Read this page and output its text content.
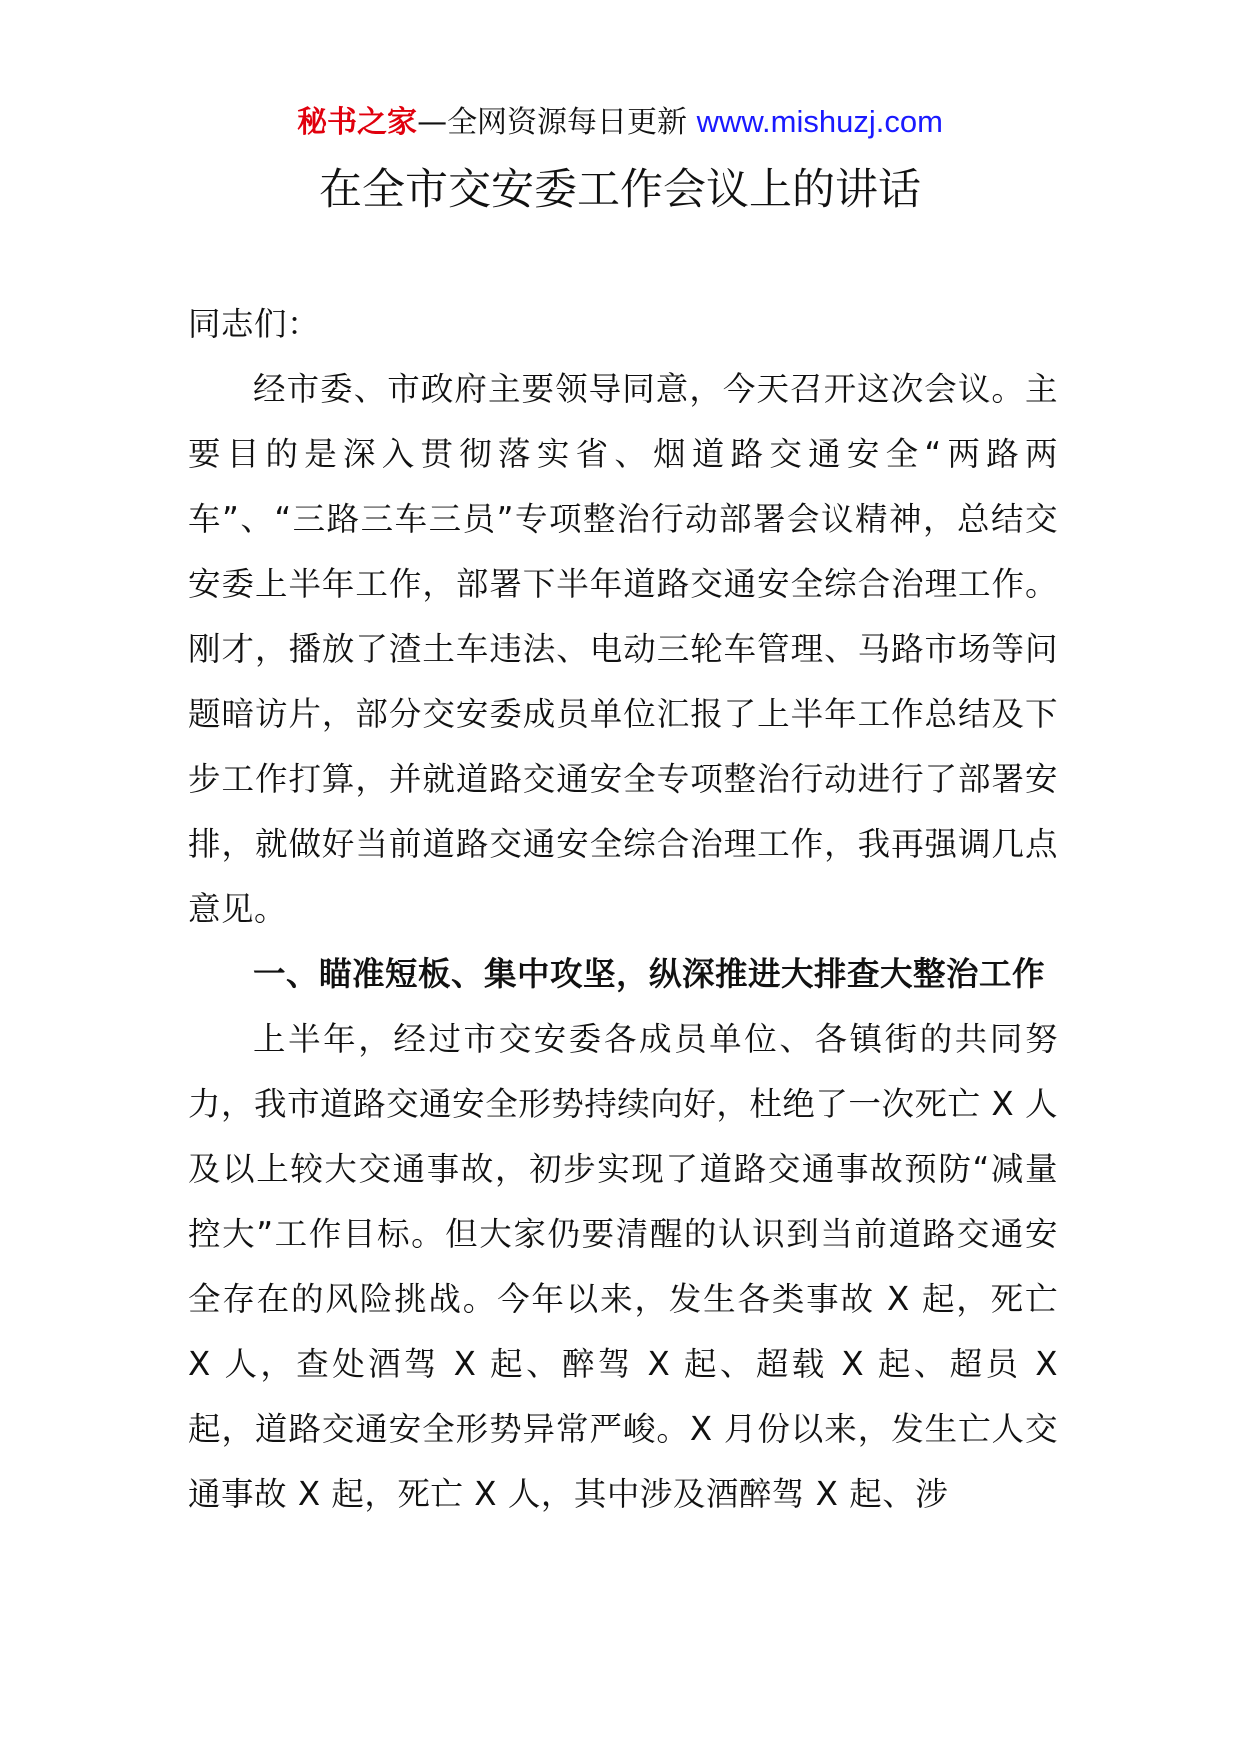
秘书之家—全网资源每日更新 www.mishuzj.com
在全市交安委工作会议上的讲话

同志们：

经市委、市政府主要领导同意，今天召开这次会议。主要目的是深入贯彻落实省、烟道路交通安全“两路两车”、“三路三车三员”专项整治行动部署会议精神，总结交安委上半年工作，部署下半年道路交通安全综合治理工作。刚才，播放了渣土车违法、电动三轮车管理、马路市场等问题暗访片，部分交安委成员单位汇报了上半年工作总结及下步工作打算，并就道路交通安全专项整治行动进行了部署安排，就做好当前道路交通安全综合治理工作，我再强调几点意见。

一、瞄准短板、集中攻坚，纵深推进大排查大整治工作

上半年，经过市交安委各成员单位、各镇街的共同努力，我市道路交通安全形势持续向好，杜绝了一次死亡 X 人及以上较大交通事故，初步实现了道路交通事故预防“减量控大”工作目标。但大家仍要清醒的认识到当前道路交通安全存在的风险挑战。今年以来，发生各类事故 X 起，死亡 X 人，查处酒驾 X 起、醉驾 X 起、超载 X 起、超员 X 起，道路交通安全形势异常严峻。X 月份以来，发生亡人交通事故 X 起，死亡 X 人，其中涉及酒醉驾 X 起、涉
